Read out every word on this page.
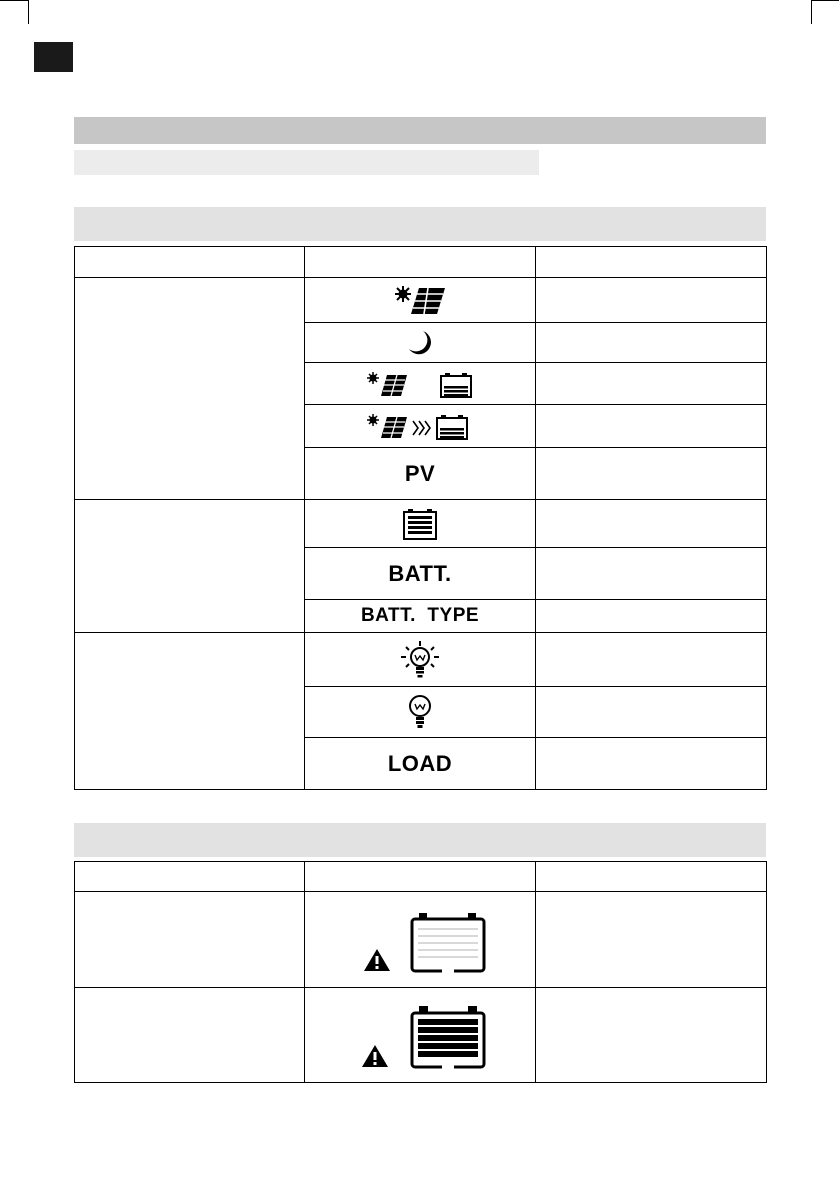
	PV	

	BATT.	
	BATT.  TYPE	

	LOAD	
